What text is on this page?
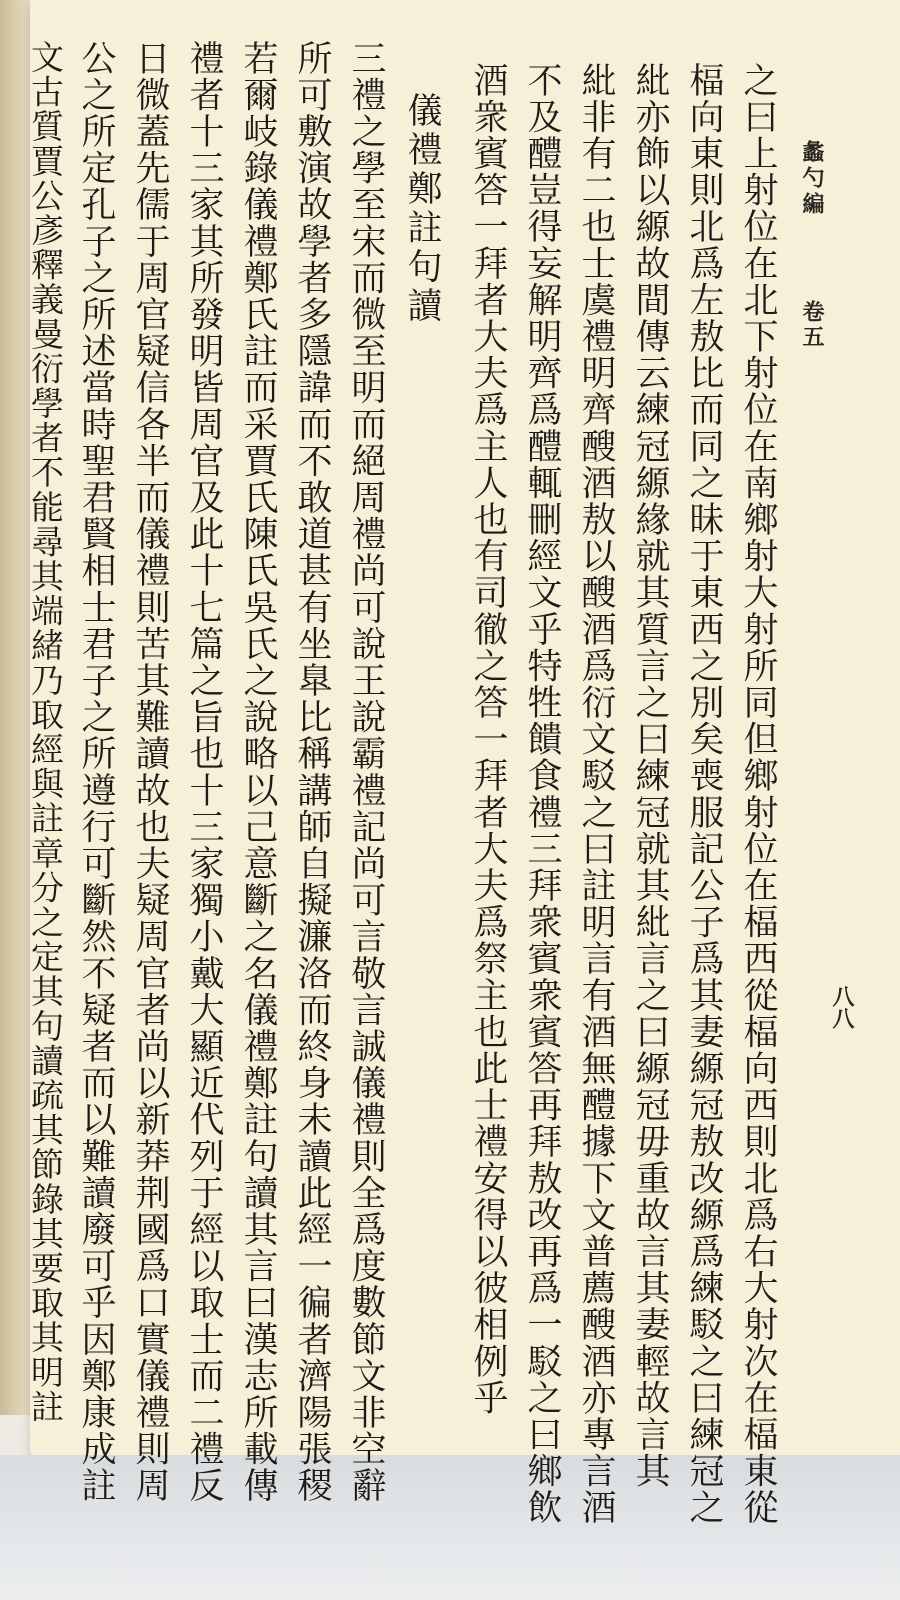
蠡勺編
卷五
八八
之曰上射位在北下射位在南鄉射大射所同但鄉射位在楅西從楅向西則北爲右大射次在楅東從
楅向東則北爲左敖比而同之昧于東西之別矣喪服記公子爲其妻縓冠敖改縓爲練駁之曰練冠之
紕亦飾以縓故間傳云練冠縓緣就其質言之曰練冠就其紕言之曰縓冠毋重故言其妻輕故言其
紕非有二也士虞禮明齊醙酒敖以醙酒爲衍文駁之曰註明言有酒無醴據下文普薦醙酒亦專言酒
不及醴豈得妄解明齊爲醴輒刪經文乎特牲饋食禮三拜衆賓衆賓答再拜敖改再爲一駁之曰鄉飲
酒衆賓答一拜者大夫爲主人也有司徹之答一拜者大夫爲祭主也此士禮安得以彼相例乎
儀禮鄭註句讀
三禮之學至宋而微至明而絕周禮尚可說王說霸禮記尚可言敬言誠儀禮則全爲度數節文非空辭
所可敷演故學者多隱諱而不敢道甚有坐臯比稱講師自擬濂洛而終身未讀此經一徧者濟陽張稷
若爾岐錄儀禮鄭氏註而采賈氏陳氏吳氏之說略以己意斷之名儀禮鄭註句讀其言曰漢志所載傳
禮者十三家其所發明皆周官及此十七篇之旨也十三家獨小戴大顯近代列于經以取士而二禮反
日微蓋先儒于周官疑信各半而儀禮則苦其難讀故也夫疑周官者尚以新莽荆國爲口實儀禮則周
公之所定孔子之所述當時聖君賢相士君子之所遵行可斷然不疑者而以難讀廢可乎因鄭康成註
文古質賈公彥釋義曼衍學者不能尋其端緒乃取經與註章分之定其句讀疏其節錄其要取其明註
